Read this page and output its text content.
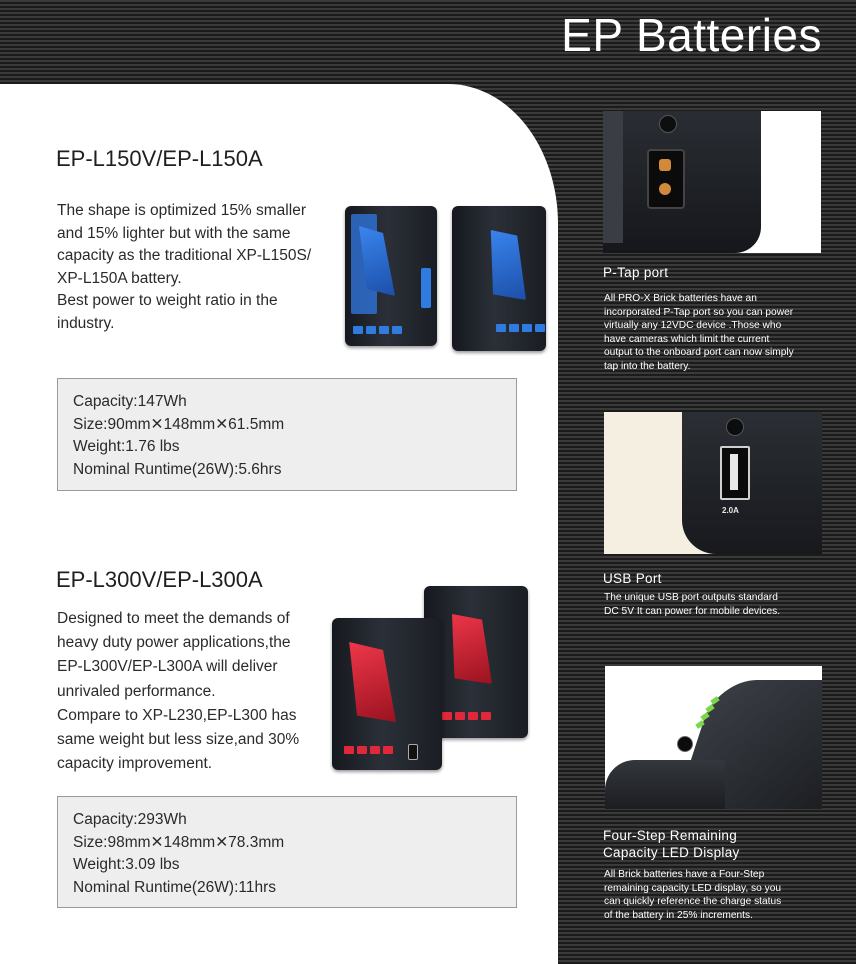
EP Batteries
EP-L150V/EP-L150A
The shape is optimized 15% smaller
and 15% lighter but with the same
capacity as the traditional XP-L150S/
XP-L150A battery.
Best power to weight ratio in the
industry.
Capacity:147Wh
Size:90mm✕148mm✕61.5mm
Weight:1.76 lbs
Nominal Runtime(26W):5.6hrs
EP-L300V/EP-L300A
Designed to meet the demands of
heavy duty power applications,the
EP-L300V/EP-L300A will deliver
unrivaled performance.
Compare to XP-L230,EP-L300 has
same weight but less size,and 30%
capacity improvement.
Capacity:293Wh
Size:98mm✕148mm✕78.3mm
Weight:3.09 lbs
Nominal Runtime(26W):11hrs
P-Tap port
All PRO-X Brick batteries have an
incorporated P-Tap port so you can power
virtually any 12VDC device .Those who
have cameras which limit the current
output to the onboard port can now simply
tap into the battery.
2.0A
USB Port
The unique USB port outputs standard
DC 5V It can power for mobile devices.
Four-Step Remaining
Capacity LED Display
All Brick batteries have a Four-Step
remaining capacity LED display, so you
can quickly reference the charge status
of the battery in 25% increments.
